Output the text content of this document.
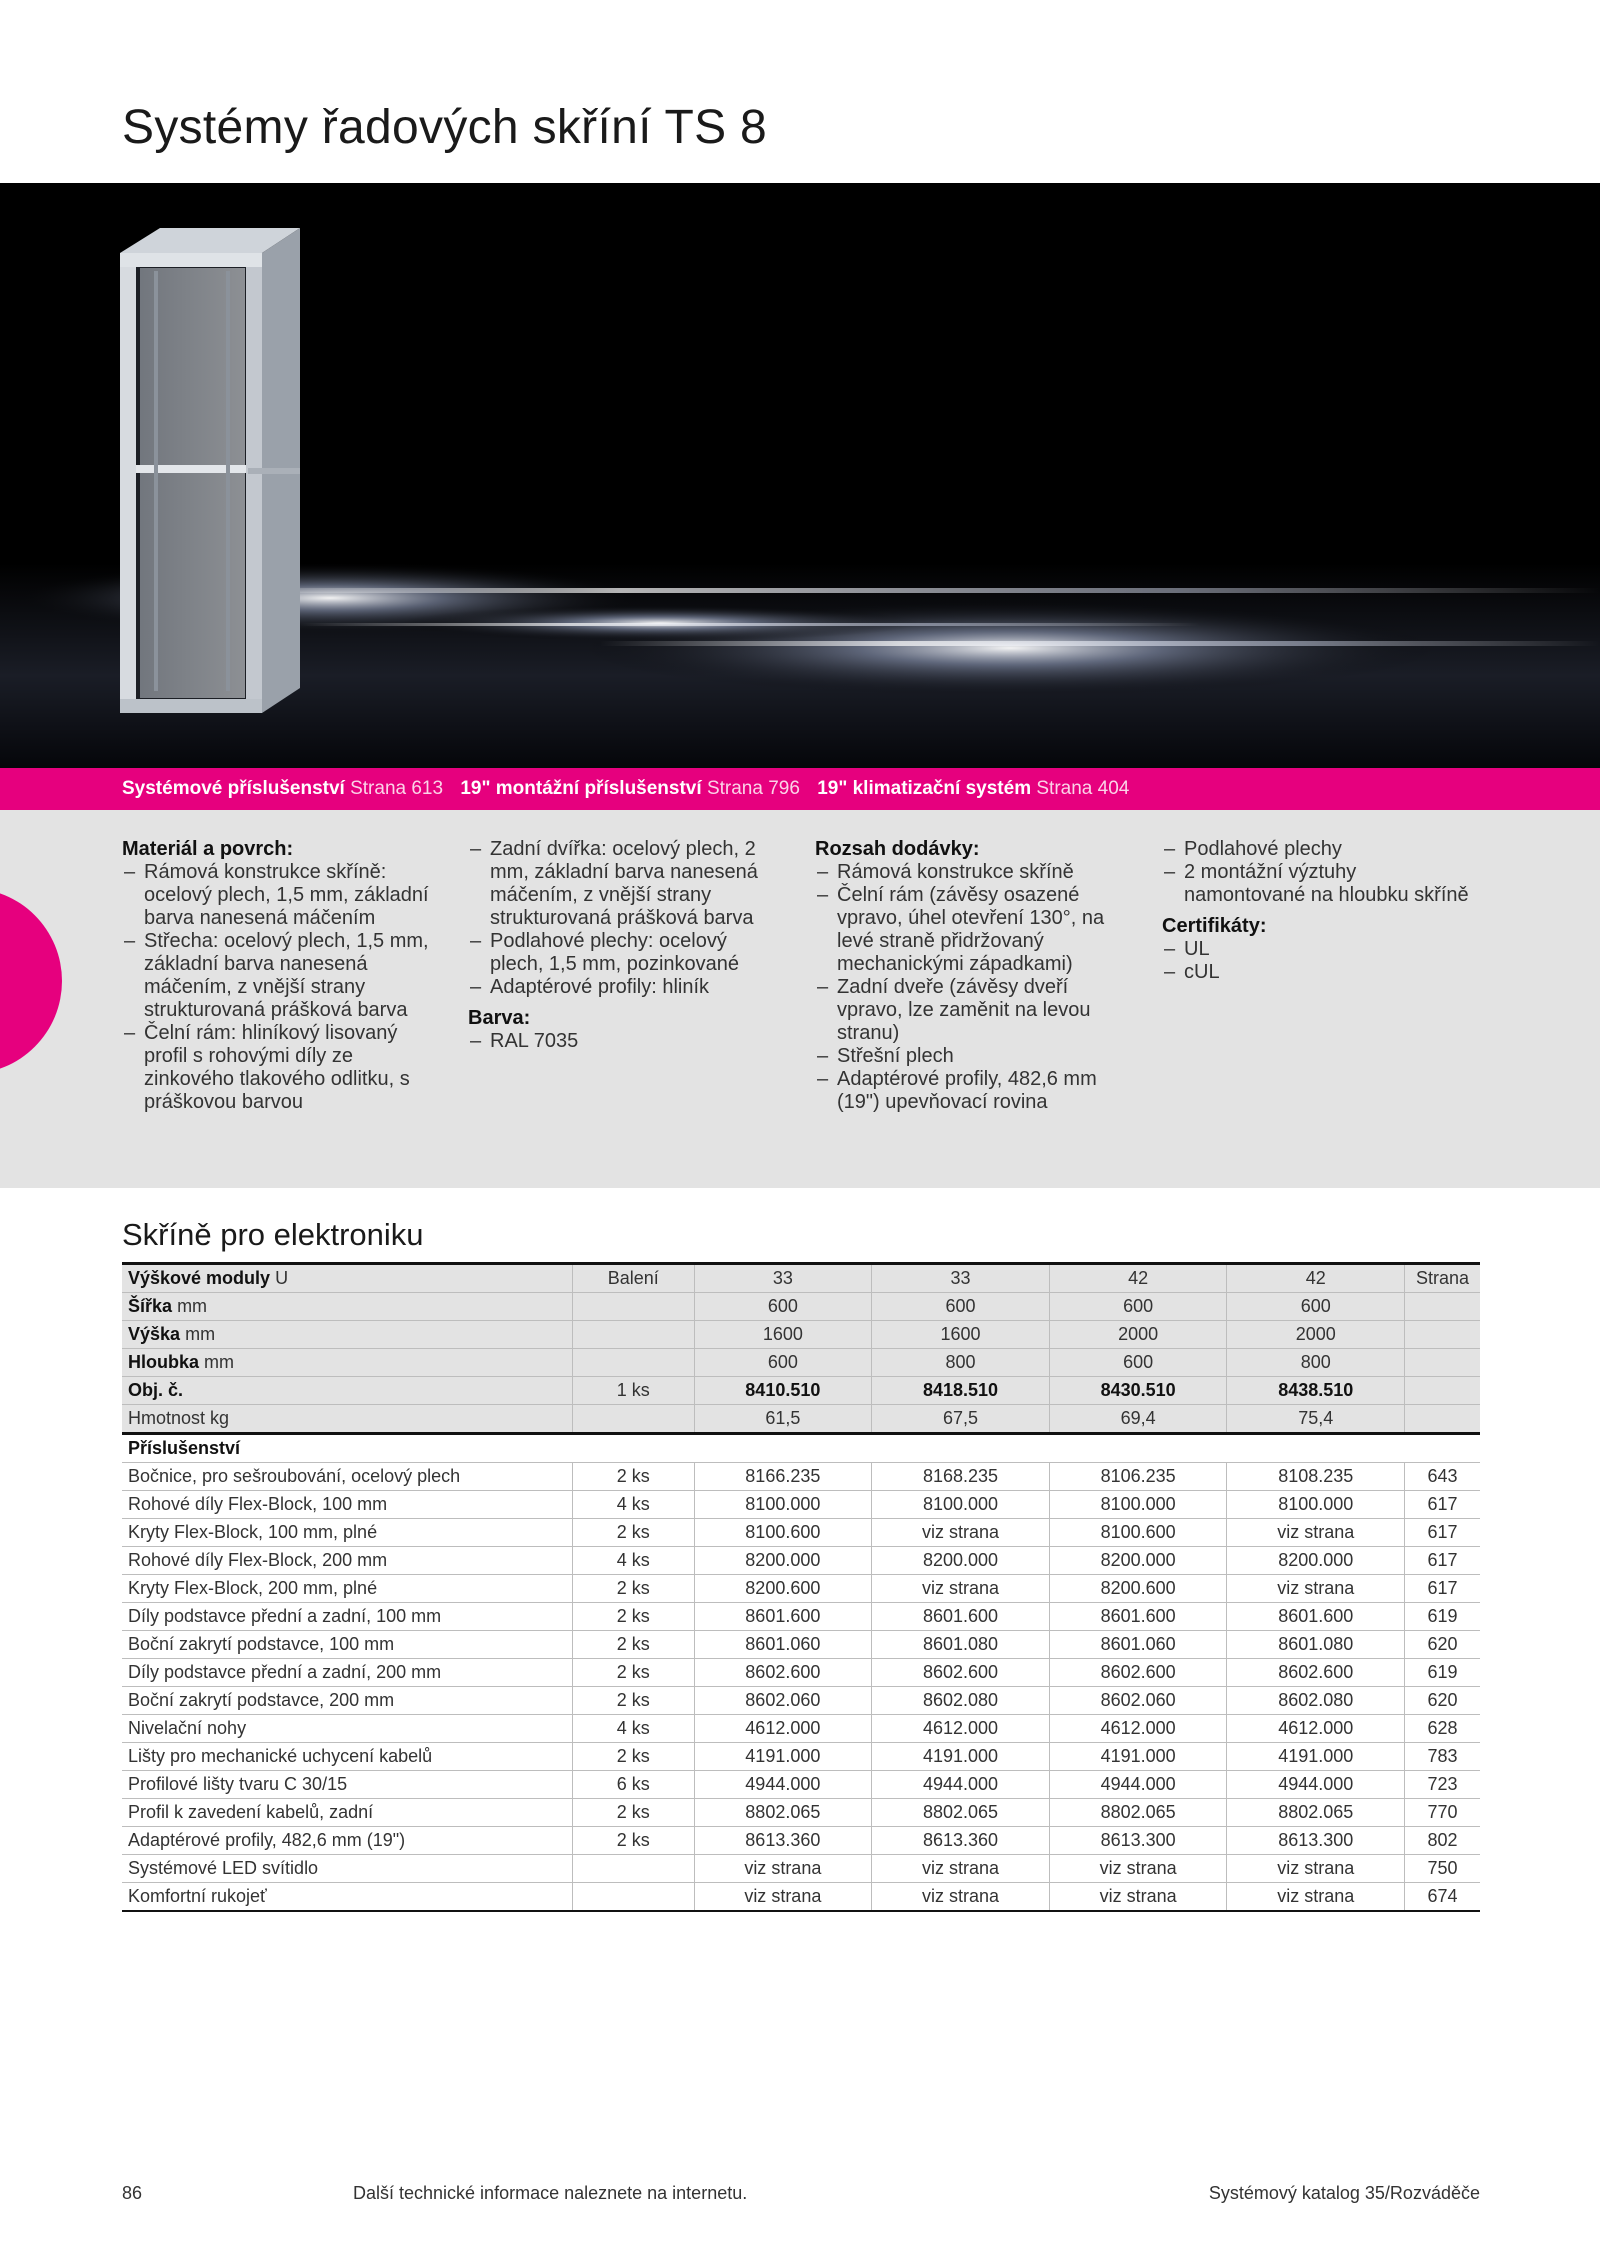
Systémy řadových skříní TS 8
Systémové příslušenství Strana 613 19" montážní příslušenství Strana 796 19" klimatizační systém Strana 404
Materiál a povrch:
– Rámová konstrukce skříně: ocelový plech, 1,5 mm, základní barva nanesená máčením
– Střecha: ocelový plech, 1,5 mm, základní barva nanesená máčením, z vnější strany strukturovaná prášková barva
– Čelní rám: hliníkový lisovaný profil s rohovými díly ze zinkového tlakového odlitku, s práškovou barvou
– Zadní dvířka: ocelový plech, 2 mm, základní barva nanesená máčením, z vnější strany strukturovaná prášková barva
– Podlahové plechy: ocelový plech, 1,5 mm, pozinkované
– Adaptérové profily: hliník
Barva:
– RAL 7035
Rozsah dodávky:
– Rámová konstrukce skříně
– Čelní rám (závěsy osazené vpravo, úhel otevření 130°, na levé straně přidržovaný mechanickými západkami)
– Zadní dveře (závěsy dveří vpravo, lze zaměnit na levou stranu)
– Střešní plech
– Adaptérové profily, 482,6 mm (19") upevňovací rovina
– Podlahové plechy
– 2 montážní výztuhy namontované na hloubku skříně
Certifikáty:
– UL
– cUL
Skříně pro elektroniku
Výškové moduly U	Balení	33	33	42	42	Strana
Šířka mm		600	600	600	600	
Výška mm		1600	1600	2000	2000	
Hloubka mm		600	800	600	800	
Obj. č.	1 ks	8410.510	8418.510	8430.510	8438.510	
Hmotnost kg		61,5	67,5	69,4	75,4	
Příslušenství						
Bočnice, pro sešroubování, ocelový plech	2 ks	8166.235	8168.235	8106.235	8108.235	643
Rohové díly Flex-Block, 100 mm	4 ks	8100.000	8100.000	8100.000	8100.000	617
Kryty Flex-Block, 100 mm, plné	2 ks	8100.600	viz strana	8100.600	viz strana	617
Rohové díly Flex-Block, 200 mm	4 ks	8200.000	8200.000	8200.000	8200.000	617
Kryty Flex-Block, 200 mm, plné	2 ks	8200.600	viz strana	8200.600	viz strana	617
Díly podstavce přední a zadní, 100 mm	2 ks	8601.600	8601.600	8601.600	8601.600	619
Boční zakrytí podstavce, 100 mm	2 ks	8601.060	8601.080	8601.060	8601.080	620
Díly podstavce přední a zadní, 200 mm	2 ks	8602.600	8602.600	8602.600	8602.600	619
Boční zakrytí podstavce, 200 mm	2 ks	8602.060	8602.080	8602.060	8602.080	620
Nivelační nohy	4 ks	4612.000	4612.000	4612.000	4612.000	628
Lišty pro mechanické uchycení kabelů	2 ks	4191.000	4191.000	4191.000	4191.000	783
Profilové lišty tvaru C 30/15	6 ks	4944.000	4944.000	4944.000	4944.000	723
Profil k zavedení kabelů, zadní	2 ks	8802.065	8802.065	8802.065	8802.065	770
Adaptérové profily, 482,6 mm (19")	2 ks	8613.360	8613.360	8613.300	8613.300	802
Systémové LED svítidlo		viz strana	viz strana	viz strana	viz strana	750
Komfortní rukojeť		viz strana	viz strana	viz strana	viz strana	674
86	Další technické informace naleznete na internetu.	Systémový katalog 35/Rozváděče
